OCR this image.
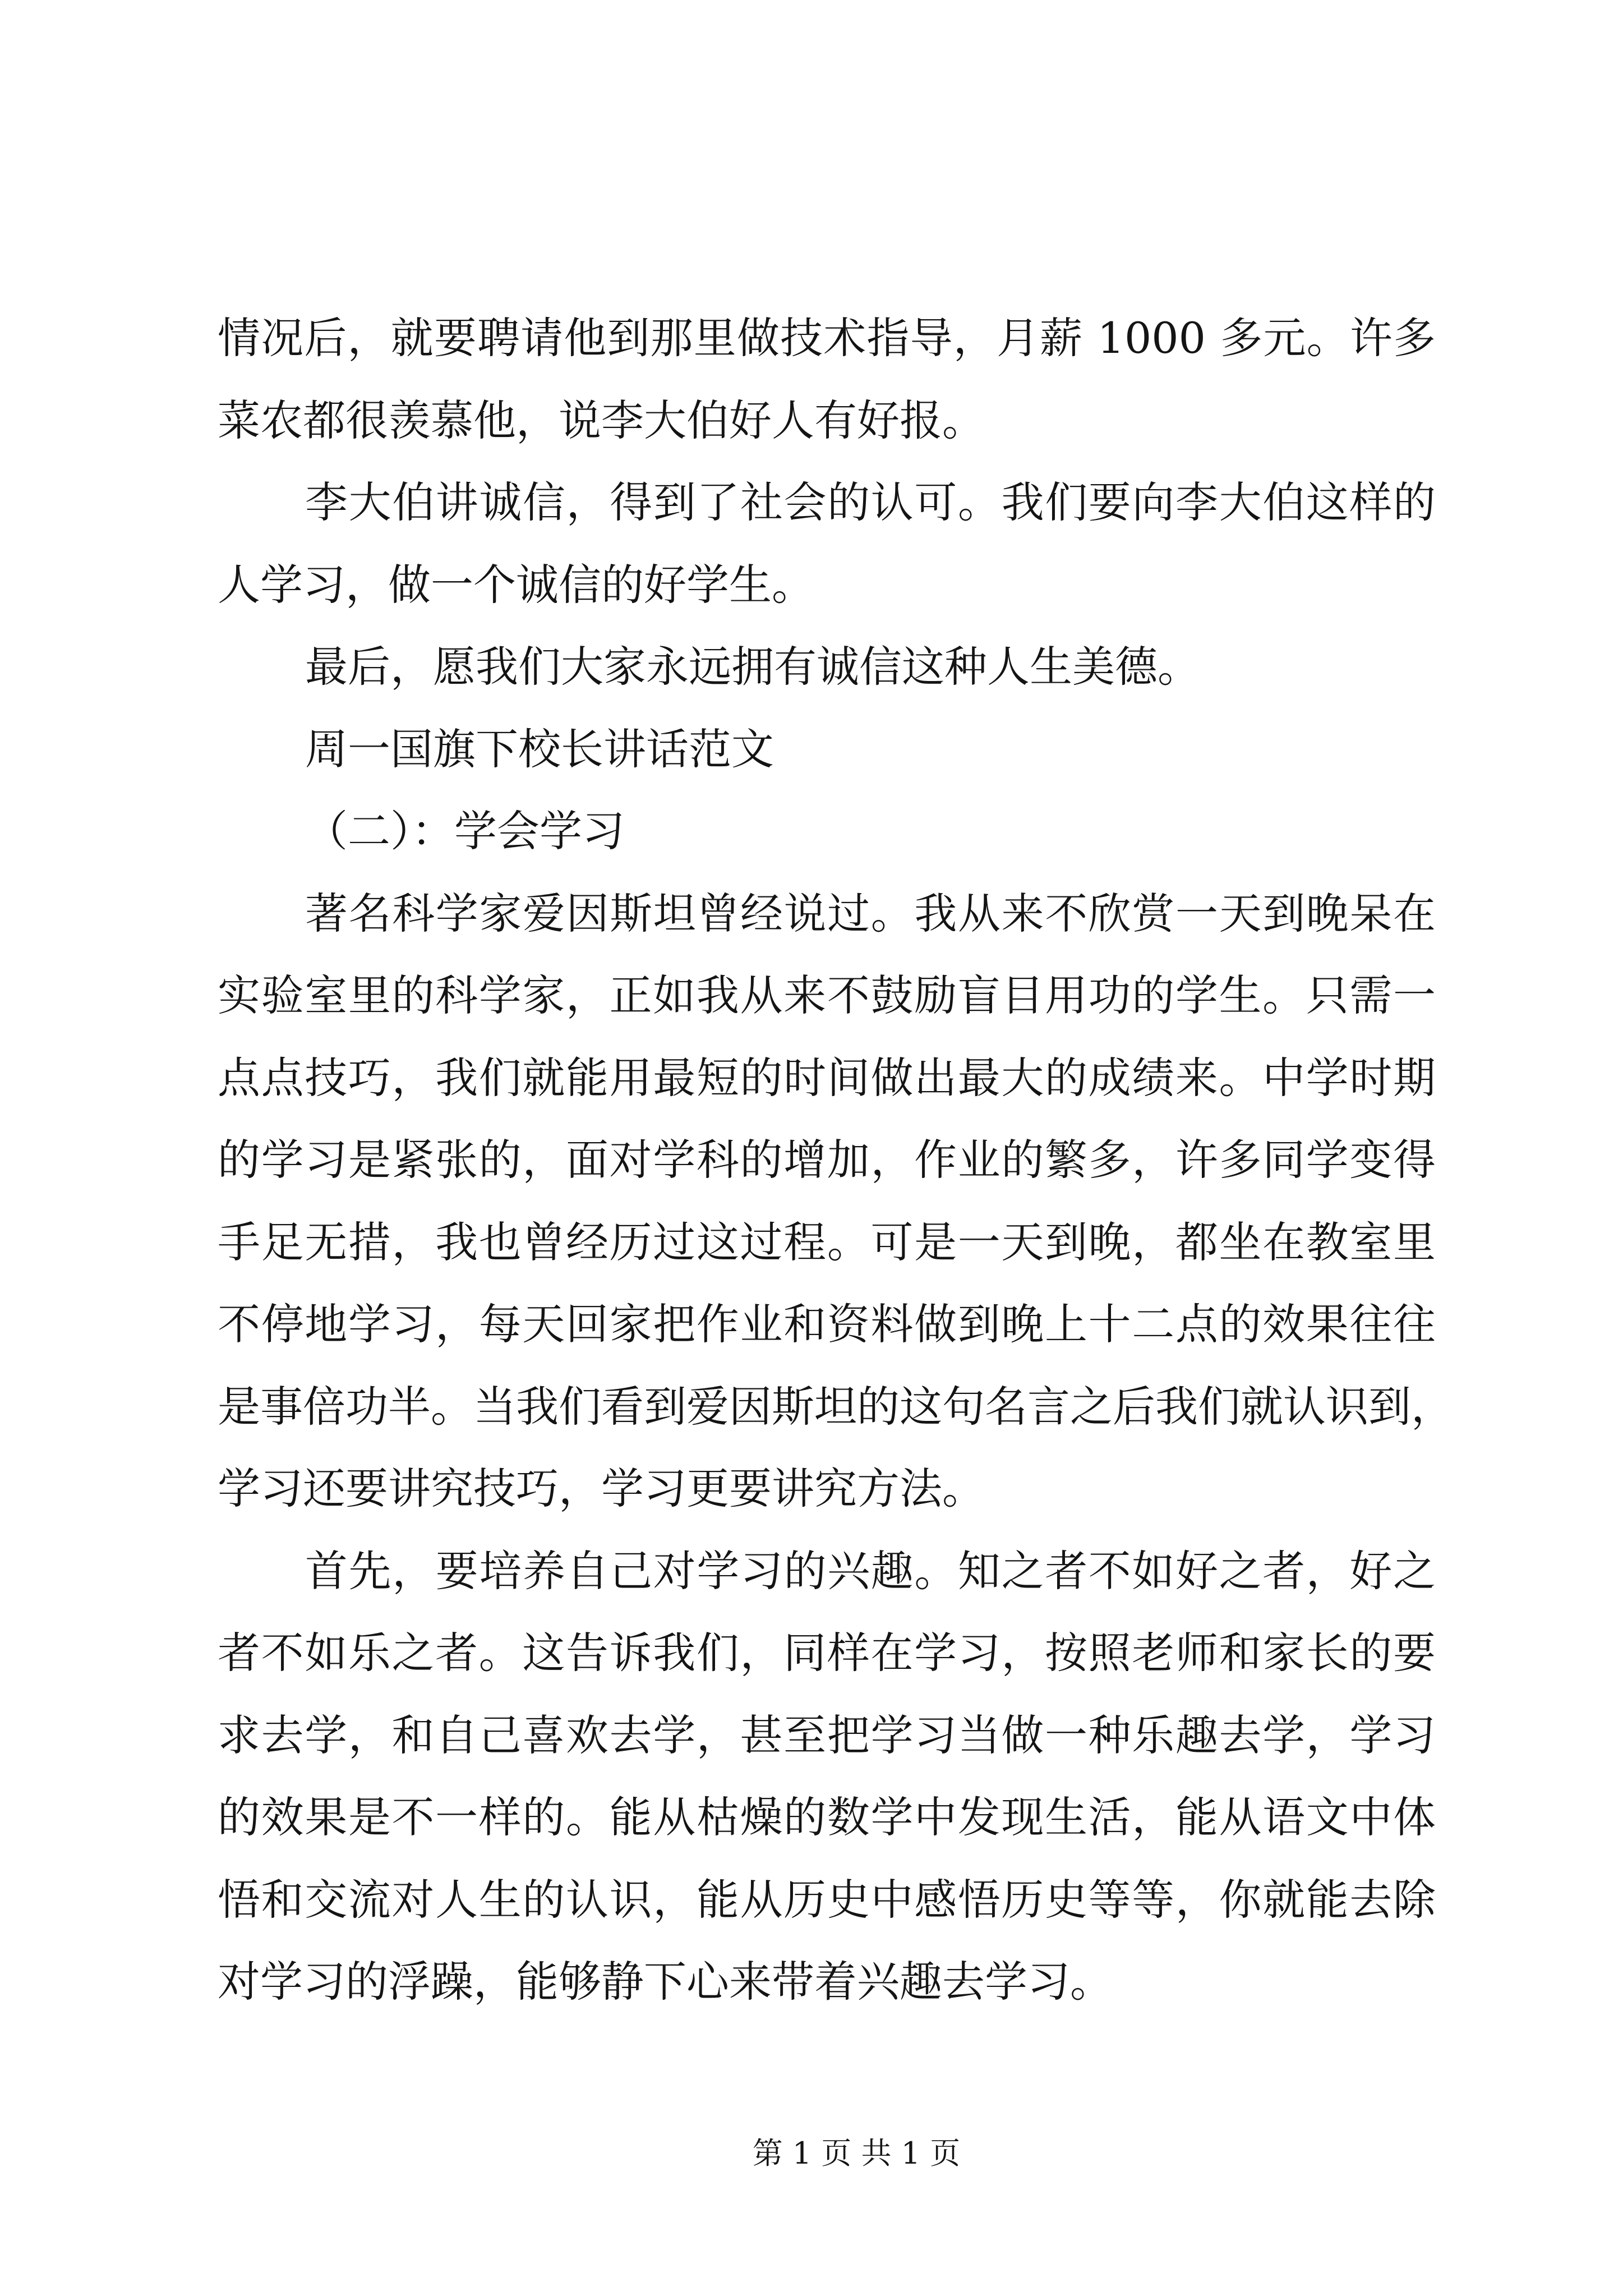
情况后，就要聘请他到那里做技术指导，月薪 1000 多元。许多
菜农都很羡慕他，说李大伯好人有好报。
李大伯讲诚信，得到了社会的认可。我们要向李大伯这样的
人学习，做一个诚信的好学生。
最后，愿我们大家永远拥有诚信这种人生美德。
周一国旗下校长讲话范文
（二）：学会学习
著名科学家爱因斯坦曾经说过。我从来不欣赏一天到晚呆在
实验室里的科学家，正如我从来不鼓励盲目用功的学生。只需一
点点技巧，我们就能用最短的时间做出最大的成绩来。中学时期
的学习是紧张的，面对学科的增加，作业的繁多，许多同学变得
手足无措，我也曾经历过这过程。可是一天到晚，都坐在教室里
不停地学习，每天回家把作业和资料做到晚上十二点的效果往往
是事倍功半。当我们看到爱因斯坦的这句名言之后我们就认识到，
学习还要讲究技巧，学习更要讲究方法。
首先，要培养自己对学习的兴趣。知之者不如好之者，好之
者不如乐之者。这告诉我们，同样在学习，按照老师和家长的要
求去学，和自己喜欢去学，甚至把学习当做一种乐趣去学，学习
的效果是不一样的。能从枯燥的数学中发现生活，能从语文中体
悟和交流对人生的认识，能从历史中感悟历史等等，你就能去除
对学习的浮躁，能够静下心来带着兴趣去学习。
第 1 页 共 1 页
